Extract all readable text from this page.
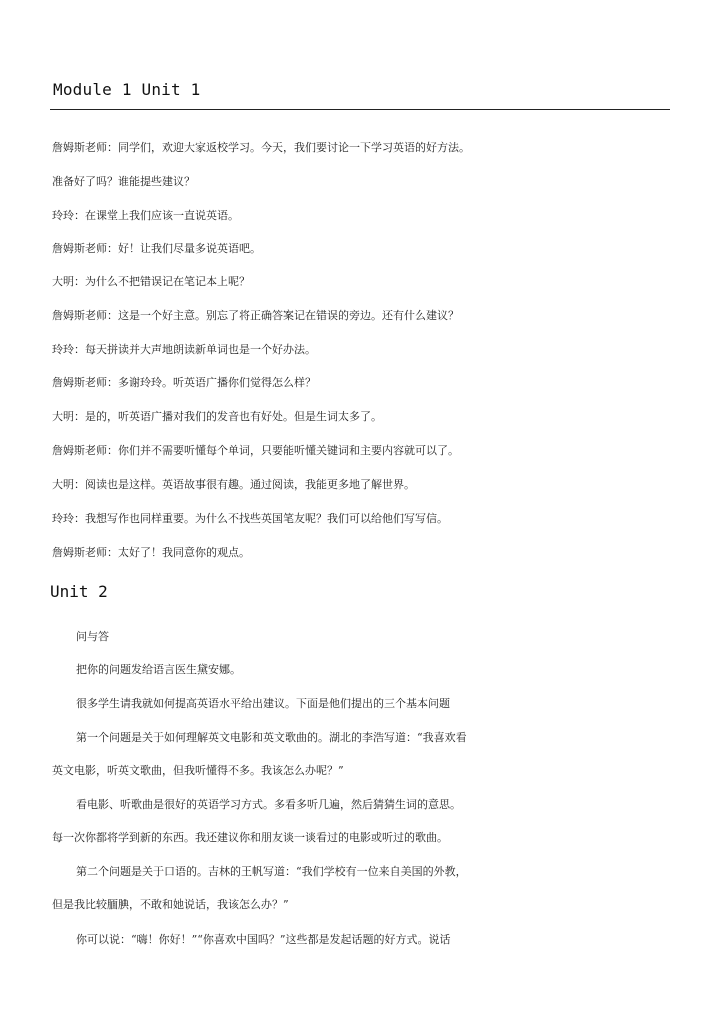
Module 1 Unit 1
詹姆斯老师：同学们，欢迎大家返校学习。今天，我们要讨论一下学习英语的好方法。
准备好了吗？谁能提些建议？
玲玲：在课堂上我们应该一直说英语。
詹姆斯老师：好！让我们尽量多说英语吧。
大明：为什么不把错误记在笔记本上呢？
詹姆斯老师：这是一个好主意。别忘了将正确答案记在错误的旁边。还有什么建议？
玲玲：每天拼读并大声地朗读新单词也是一个好办法。
詹姆斯老师：多谢玲玲。听英语广播你们觉得怎么样？
大明：是的，听英语广播对我们的发音也有好处。但是生词太多了。
詹姆斯老师：你们并不需要听懂每个单词，只要能听懂关键词和主要内容就可以了。
大明：阅读也是这样。英语故事很有趣。通过阅读，我能更多地了解世界。
玲玲：我想写作也同样重要。为什么不找些英国笔友呢？我们可以给他们写写信。
詹姆斯老师：太好了！我同意你的观点。
Unit 2
问与答
把你的问题发给语言医生黛安娜。
很多学生请我就如何提高英语水平给出建议。下面是他们提出的三个基本问题
第一个问题是关于如何理解英文电影和英文歌曲的。湖北的李浩写道：“我喜欢看
英文电影，听英文歌曲，但我听懂得不多。我该怎么办呢？”
看电影、听歌曲是很好的英语学习方式。多看多听几遍，然后猜猜生词的意思。
每一次你都将学到新的东西。我还建议你和朋友谈一谈看过的电影或听过的歌曲。
第二个问题是关于口语的。吉林的王帆写道：“我们学校有一位来自美国的外教，
但是我比较腼腆，不敢和她说话，我该怎么办？”
你可以说：“嗨！你好！”“你喜欢中国吗？”这些都是发起话题的好方式。说话
